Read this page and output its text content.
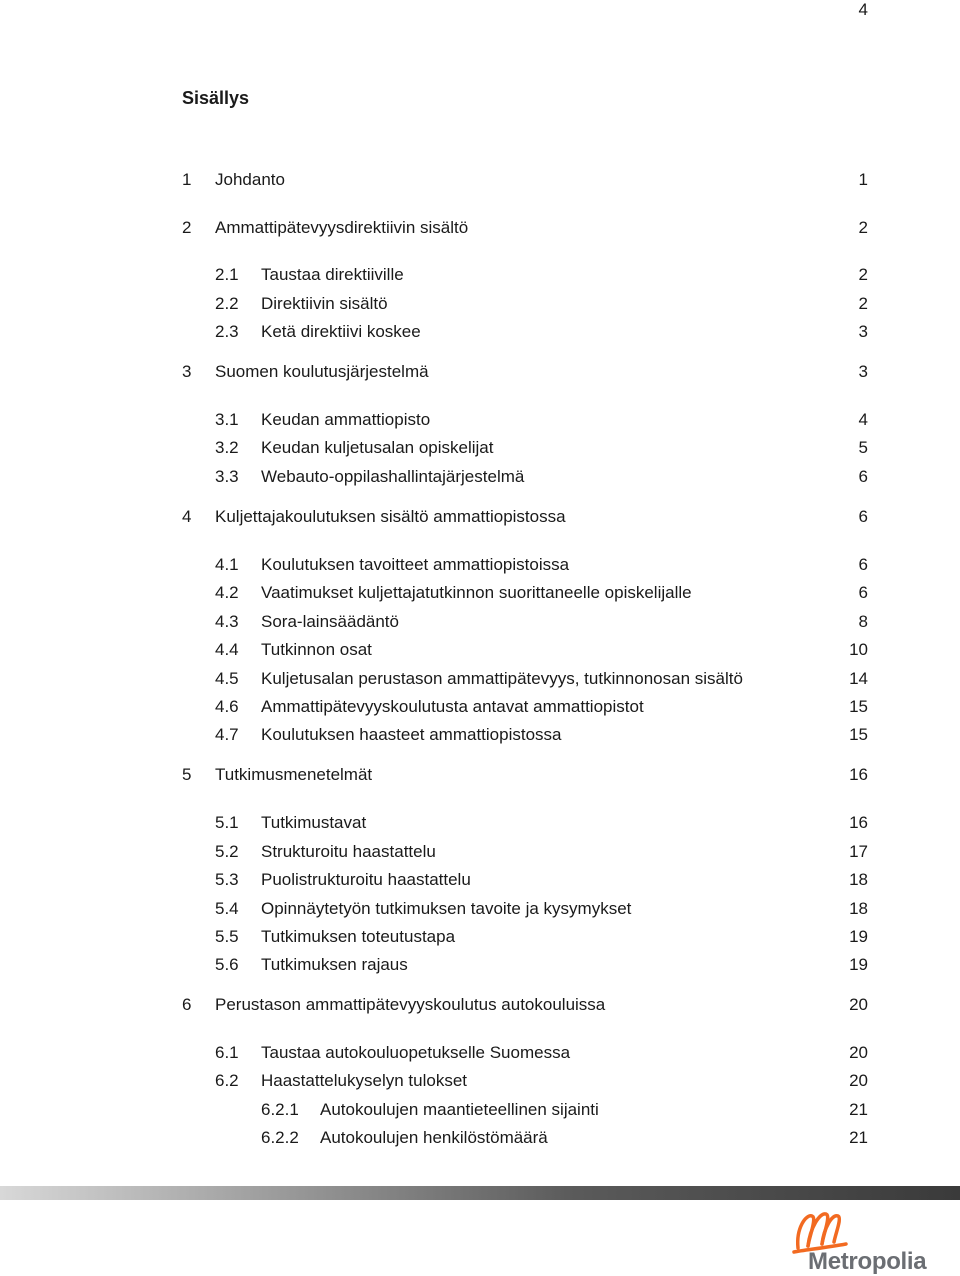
4
Sisällys
1 Johdanto	1
2 Ammattipätevyysdirektiivin sisältö	2
2.1 Taustaa direktiiville	2
2.2 Direktiivin sisältö	2
2.3 Ketä direktiivi koskee	3
3 Suomen koulutusjärjestelmä	3
3.1 Keudan ammattiopisto	4
3.2 Keudan kuljetusalan opiskelijat	5
3.3 Webauto-oppilashallintajärjestelmä	6
4 Kuljettajakoulutuksen sisältö ammattiopistossa	6
4.1 Koulutuksen tavoitteet ammattiopistoissa	6
4.2 Vaatimukset kuljettajatutkinnon suorittaneelle opiskelijalle	6
4.3 Sora-lainsäädäntö	8
4.4 Tutkinnon osat	10
4.5 Kuljetusalan perustason ammattipätevyys, tutkinnonosan sisältö	14
4.6 Ammattipätevyyskoulutusta antavat ammattiopistot	15
4.7 Koulutuksen haasteet ammattiopistossa	15
5 Tutkimusmenetelmät	16
5.1 Tutkimustavat	16
5.2 Strukturoitu haastattelu	17
5.3 Puolistrukturoitu haastattelu	18
5.4 Opinnäytetyön tutkimuksen tavoite ja kysymykset	18
5.5 Tutkimuksen toteutustapa	19
5.6 Tutkimuksen rajaus	19
6 Perustason ammattipätevyyskoulutus autokouluissa	20
6.1 Taustaa autokouluopetukselle Suomessa	20
6.2 Haastattelukyselyn tulokset	20
6.2.1 Autokoulujen maantieteellinen sijainti	21
6.2.2 Autokoulujen henkilöstömäärä	21
Metropolia
